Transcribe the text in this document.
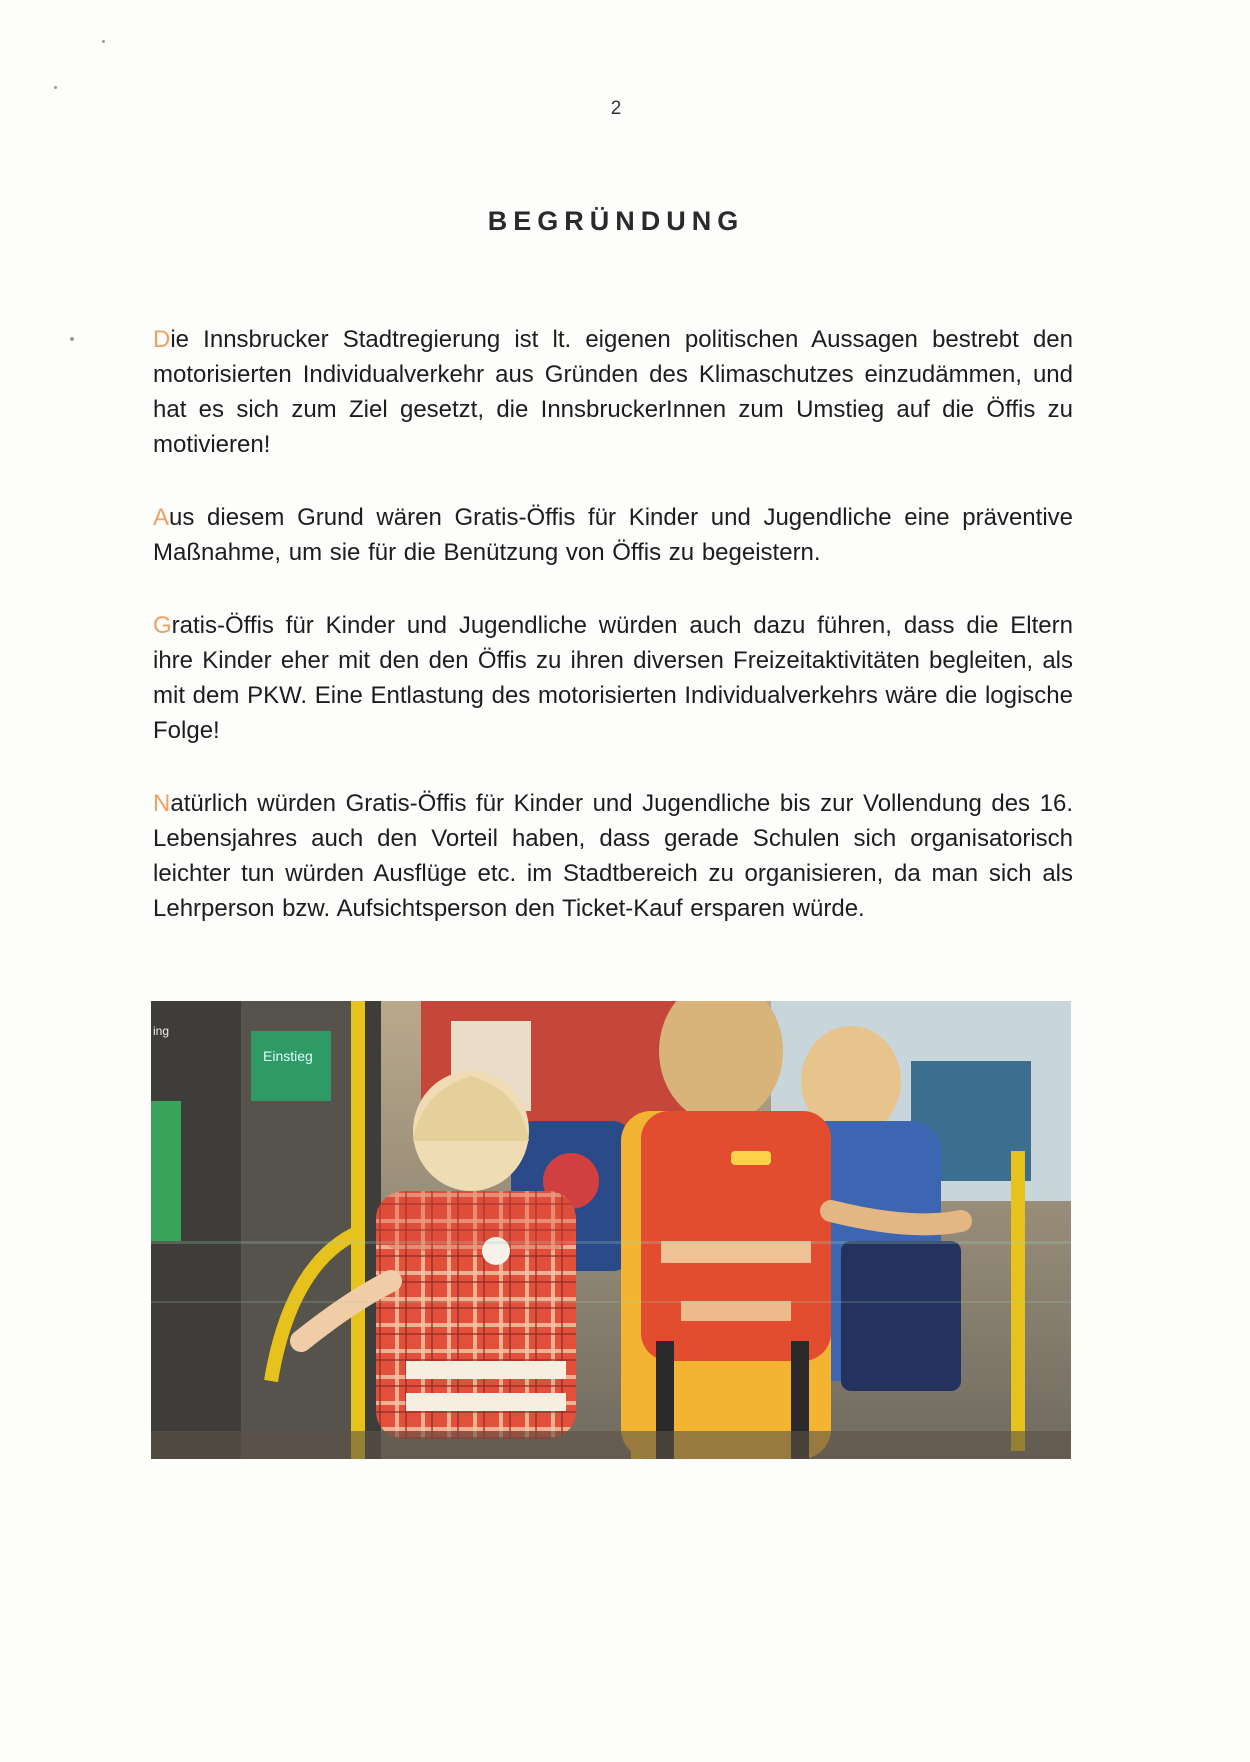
2
BEGRÜNDUNG

Die Innsbrucker Stadtregierung ist lt. eigenen politischen Aussagen bestrebt den motorisierten Individualverkehr aus Gründen des Klimaschutzes einzudämmen, und hat es sich zum Ziel gesetzt, die InnsbruckerInnen zum Umstieg auf die Öffis zu motivieren!

Aus diesem Grund wären Gratis-Öffis für Kinder und Jugendliche eine präventive Maßnahme, um sie für die Benützung von Öffis zu begeistern.

Gratis-Öffis für Kinder und Jugendliche würden auch dazu führen, dass die Eltern ihre Kinder eher mit den den Öffis zu ihren diversen Freizeitaktivitäten begleiten, als mit dem PKW. Eine Entlastung des motorisierten Individualverkehrs wäre die logische Folge!

Natürlich würden Gratis-Öffis für Kinder und Jugendliche bis zur Vollendung des 16. Lebensjahres auch den Vorteil haben, dass gerade Schulen sich organisatorisch leichter tun würden Ausflüge etc. im Stadtbereich zu organisieren, da man sich als Lehrperson bzw. Aufsichtsperson den Ticket-Kauf ersparen würde.

Einstieg
ing
